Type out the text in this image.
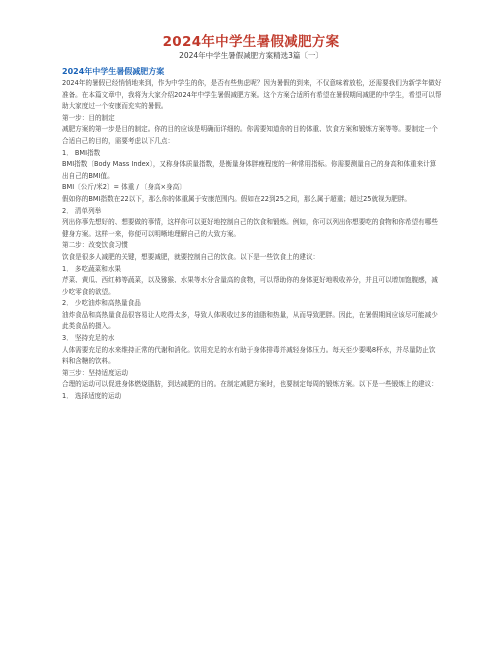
2024年中学生暑假减肥方案
2024年中学生暑假减肥方案精选3篇〔一〕
2024年中学生暑假减肥方案

2024年的暑假已经悄悄地来到，作为中学生的你，是否有些焦虑呢？因为暑假的到来，不仅意味着放松，还需要我们为新学年做好准备。在本篇文章中，我将为大家介绍2024年中学生暑假减肥方案。这个方案合适所有希望在暑假期间减肥的中学生，希望可以帮助大家度过一个安康而充实的暑假。

第一步：目的制定

减肥方案的第一步是目的制定。你的目的应该是明确而详细的。你需要知道你的目的体重、饮食方案和锻炼方案等等。要制定一个合适自己的目的，需要考虑以下几点：

1． BMI指数

BMI指数〔Body Mass Index〕，又称身体质量指数，是衡量身体胖瘦程度的一种常用指标。你需要测量自己的身高和体重来计算出自己的BMI值。

BMI〔公斤/米2〕= 体重 / 〔身高×身高〕

假如你的BMI指数在22以下，那么你的体重属于安康范围内。假如在22到25之间，那么属于超重；超过25就视为肥胖。

2． 清单列举

列出你事先想好的、想要做的事情，这样你可以更好地控制自己的饮食和锻炼。例如，你可以列出你想要吃的食物和你希望有哪些健身方案。这样一来，你便可以明晰地理解自己的大致方案。

第二步：改变饮食习惯

饮食是很多人减肥的关键，想要减肥，就要控制自己的饮食。以下是一些饮食上的建议：

1． 多吃蔬菜和水果

芹菜、黄瓜、西红柿等蔬菜，以及猕猴、水果等水分含量高的食物，可以帮助你的身体更好地吸收养分，并且可以增加饱腹感，减少吃零食的欲望。

2． 少吃油炸和高热量食品

油炸食品和高热量食品很容易让人吃得太多，导致人体吸收过多的油脂和热量，从而导致肥胖。因此，在暑假期间应该尽可能减少此类食品的摄入。

3． 坚持充足的水

人体需要充足的水来维持正常的代谢和消化。饮用充足的水有助于身体排毒并减轻身体压力。每天至少要喝8杯水，并尽量防止饮料和含糖的饮料。

第三步：坚持适度运动

合理的运动可以促进身体燃烧脂肪，到达减肥的目的。在制定减肥方案时，也要制定每周的锻炼方案。以下是一些锻炼上的建议：

1． 选择适度的运动
